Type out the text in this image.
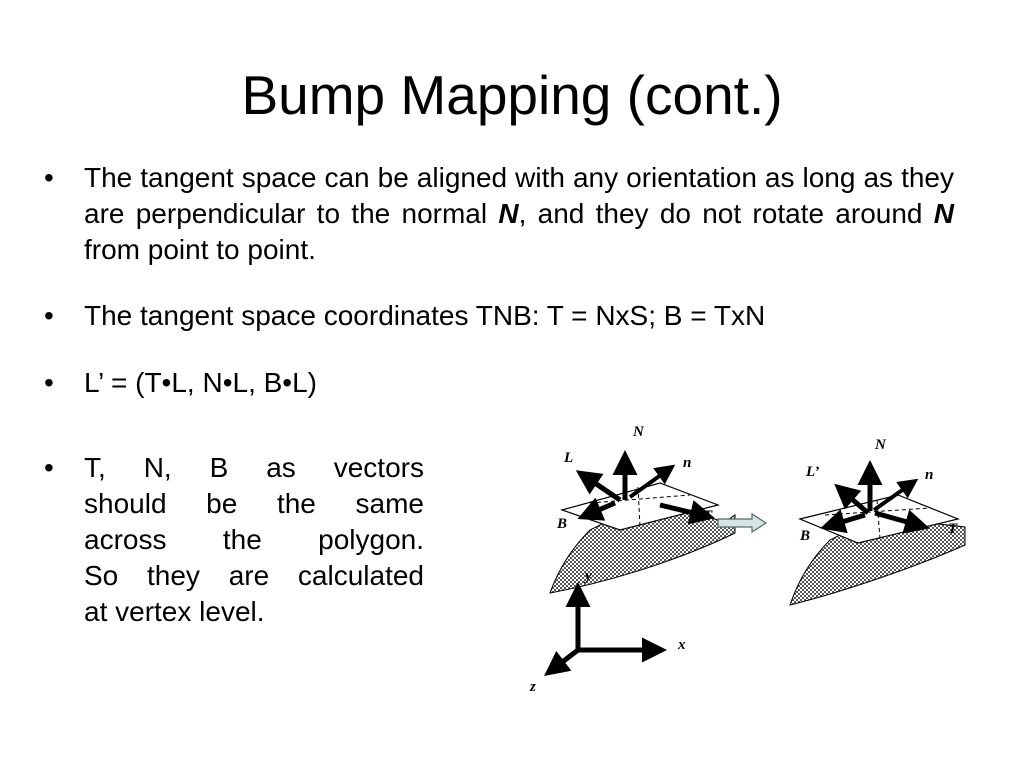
Bump Mapping (cont.)
• The tangent space can be aligned with any orientation as long as they are perpendicular to the normal N, and they do not rotate around N from point to point.
• The tangent space coordinates TNB: T = NxS; B = TxN
• L’ = (T•L, N•L, B•L)
• T, N, B as vectors
should be the same
across the polygon.
So they are calculated
at vertex level.
N
L	n
B	T
y
x
z
N
L’	n
B	T
